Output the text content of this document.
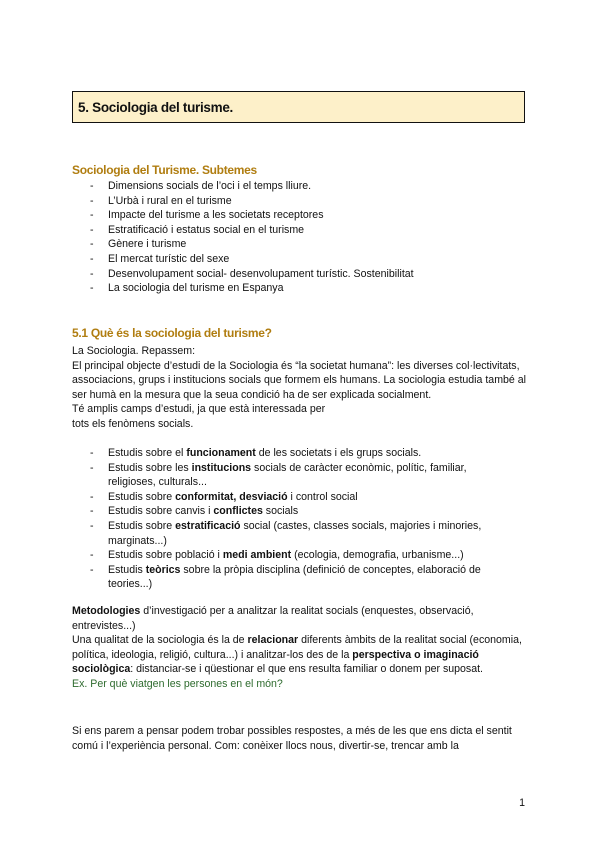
5. Sociologia del turisme.
Sociologia del Turisme. Subtemes
- Dimensions socials de l’oci i el temps lliure.
- L’Urbà i rural en el turisme
- Impacte del turisme a les societats receptores
- Estratificació i estatus social en el turisme
- Gènere i turisme
- El mercat turístic del sexe
- Desenvolupament social- desenvolupament turístic. Sostenibilitat
- La sociologia del turisme en Espanya
5.1 Què és la sociologia del turisme?
La Sociologia. Repassem:
El principal objecte d’estudi de la Sociologia és “la societat humana”: les diverses col·lectivitats, associacions, grups i institucions socials que formem els humans. La sociologia estudia també al ser humà en la mesura que la seua condició ha de ser explicada socialment.
Té amplis camps d’estudi, ja que està interessada per tots els fenòmens socials.
- Estudis sobre el funcionament de les societats i els grups socials.
- Estudis sobre les institucions socials de caràcter econòmic, polític, familiar, religioses, culturals...
- Estudis sobre conformitat, desviació i control social
- Estudis sobre canvis i conflictes socials
- Estudis sobre estratificació social (castes, classes socials, majories i minories, marginats...)
- Estudis sobre població i medi ambient (ecologia, demografia, urbanisme...)
- Estudis teòrics sobre la pròpia disciplina (definició de conceptes, elaboració de teories...)
Metodologies d’investigació per a analitzar la realitat socials (enquestes, observació, entrevistes...)
Una qualitat de la sociologia és la de relacionar diferents àmbits de la realitat social (economia, política, ideologia, religió, cultura...) i analitzar-los des de la perspectiva o imaginació sociològica: distanciar-se i qüestionar el que ens resulta familiar o donem per suposat.
Ex. Per què viatgen les persones en el món?
Si ens parem a pensar podem trobar possibles respostes, a més de les que ens dicta el sentit comú i l’experiència personal. Com: conèixer llocs nous, divertir-se, trencar amb la
1
